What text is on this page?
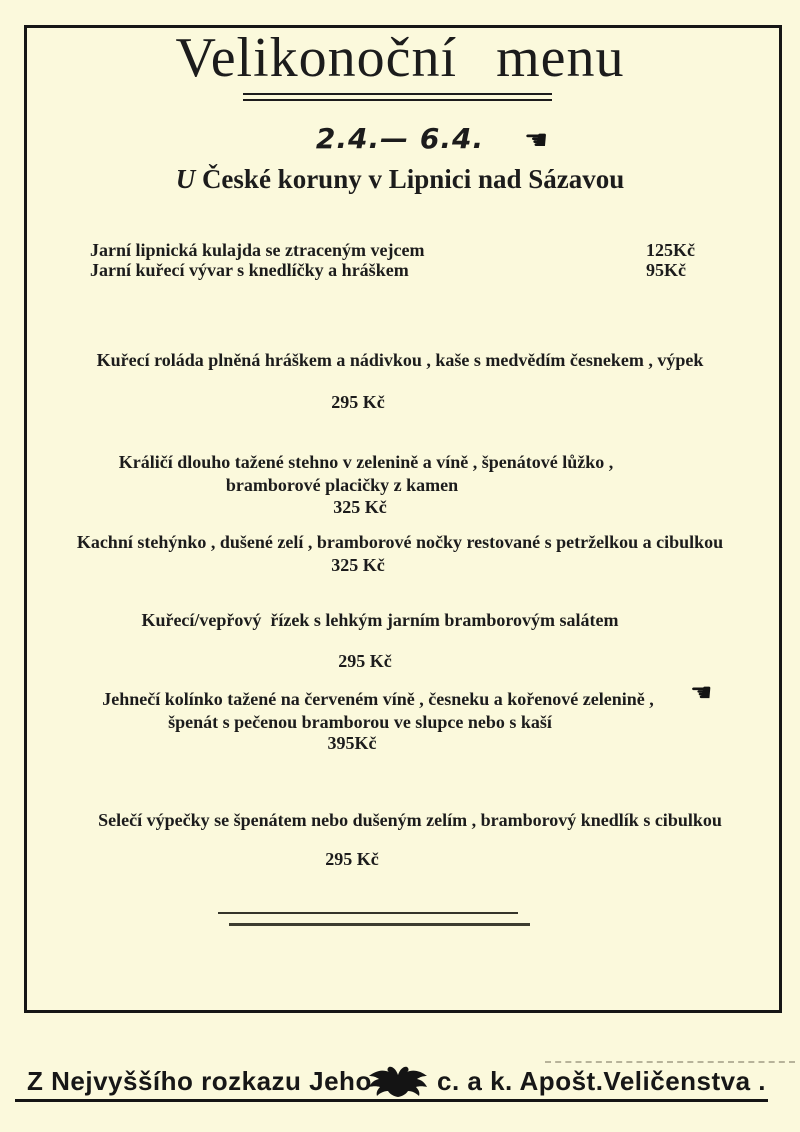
Velikonoční menu
2.4.— 6.4.	☚
U České koruny v Lipnici nad Sázavou
Jarní lipnická kulajda se ztraceným vejcem	125Kč
Jarní kuřecí vývar s knedlíčky a hráškem	95Kč
Kuřecí roláda plněná hráškem a nádivkou , kaše s medvědím česnekem , výpek
295 Kč
Králičí dlouho tažené stehno v zelenině a víně , špenátové lůžko ,
bramborové placičky z kamen
325 Kč
Kachní stehýnko , dušené zelí , bramborové nočky restované s petrželkou a cibulkou
325 Kč
Kuřecí/vepřový  řízek s lehkým jarním bramborovým salátem
295 Kč
Jehnečí kolínko tažené na červeném víně , česneku a kořenové zelenině ,
špenát s pečenou bramborou ve slupce nebo s kaší
395Kč
☚
Selečí výpečky se špenátem nebo dušeným zelím , bramborový knedlík s cibulkou
295 Kč
Z Nejvyššího rozkazu Jeho	c. a k. Apošt.Veličenstva .
